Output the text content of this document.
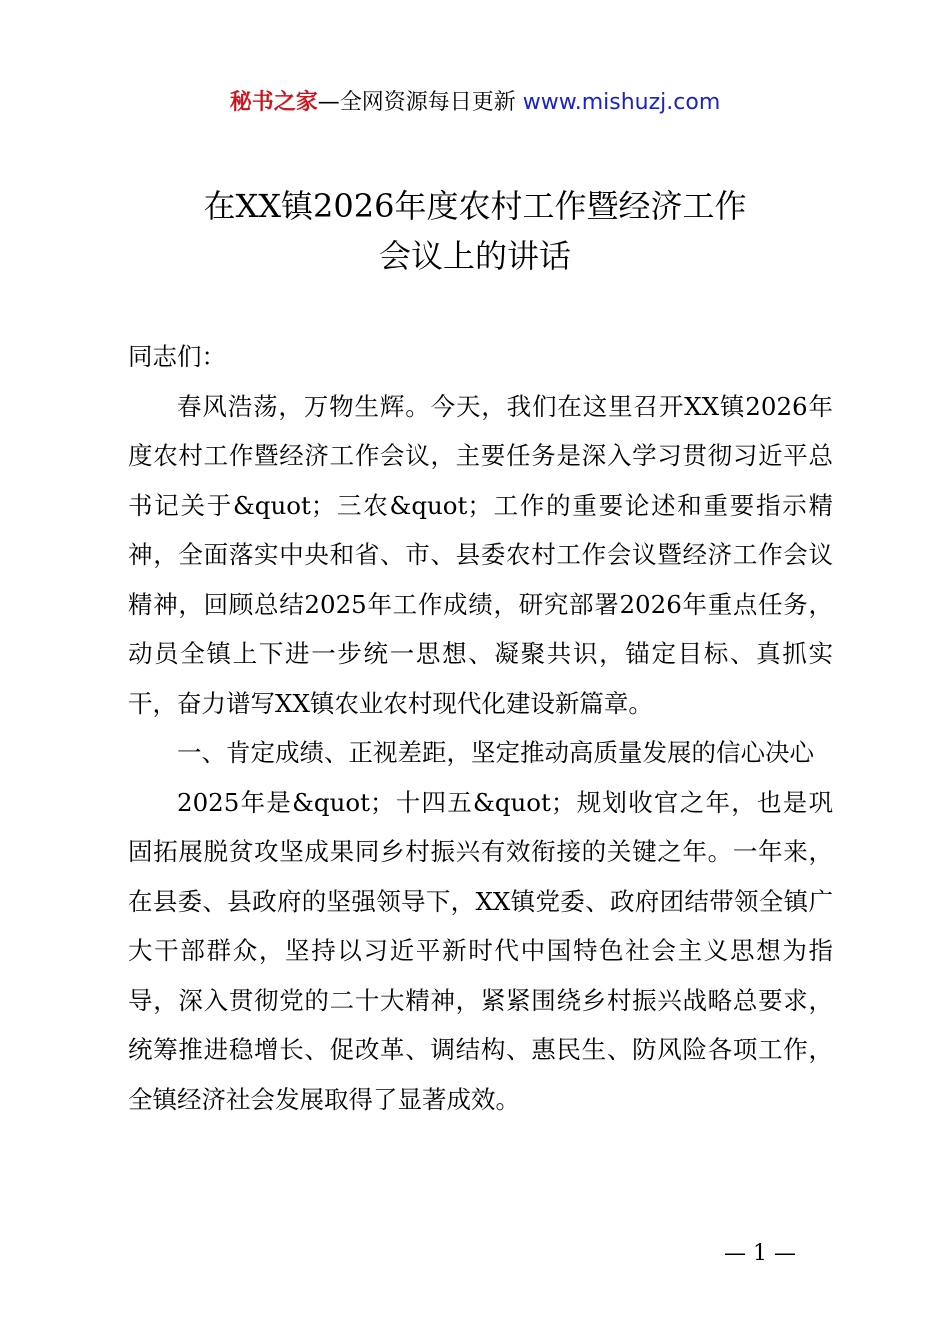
秘书之家—全网资源每日更新 www.mishuzj.com
在XX镇2026年度农村工作暨经济工作
会议上的讲话

同志们：

春风浩荡，万物生辉。今天，我们在这里召开XX镇2026年度农村工作暨经济工作会议，主要任务是深入学习贯彻习近平总书记关于&quot；三农&quot；工作的重要论述和重要指示精神，全面落实中央和省、市、县委农村工作会议暨经济工作会议精神，回顾总结2025年工作成绩，研究部署2026年重点任务，动员全镇上下进一步统一思想、凝聚共识，锚定目标、真抓实干，奋力谱写XX镇农业农村现代化建设新篇章。

一、肯定成绩、正视差距，坚定推动高质量发展的信心决心

2025年是&quot；十四五&quot；规划收官之年，也是巩固拓展脱贫攻坚成果同乡村振兴有效衔接的关键之年。一年来，在县委、县政府的坚强领导下，XX镇党委、政府团结带领全镇广大干部群众，坚持以习近平新时代中国特色社会主义思想为指导，深入贯彻党的二十大精神，紧紧围绕乡村振兴战略总要求，统筹推进稳增长、促改革、调结构、惠民生、防风险各项工作，全镇经济社会发展取得了显著成效。

— 1 —
